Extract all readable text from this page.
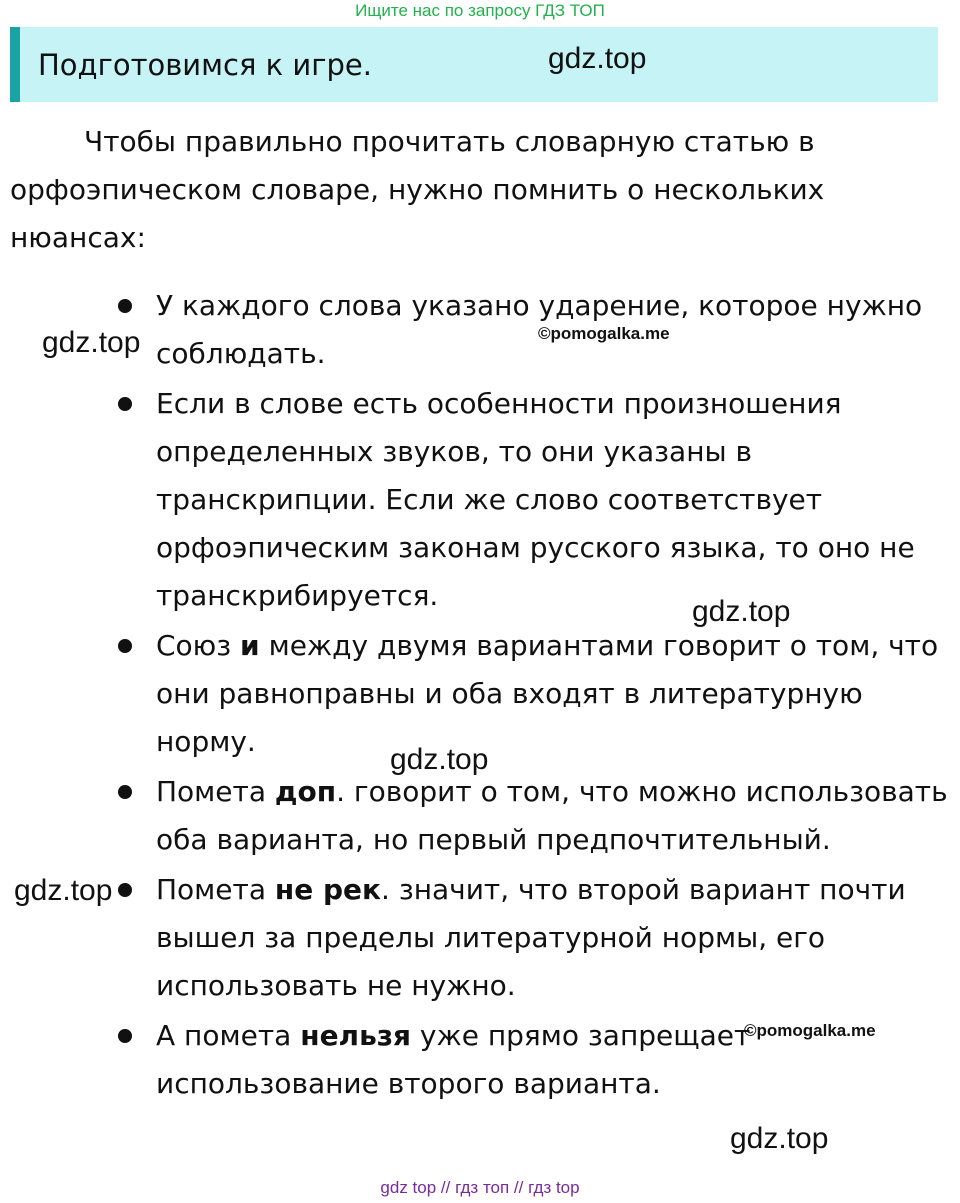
Ищите нас по запросу ГДЗ ТОП
Подготовимся к игре.	gdz.top

Чтобы правильно прочитать словарную статью в орфоэпическом словаре, нужно помнить о нескольких нюансах:

У каждого слова указано ударение, которое нужно соблюдать.
Если в слове есть особенности произношения определенных звуков, то они указаны в транскрипции. Если же слово соответствует орфоэпическим законам русского языка, то оно не транскрибируется.
Союз и между двумя вариантами говорит о том, что они равноправны и оба входят в литературную норму.
Помета доп. говорит о том, что можно использовать оба варианта, но первый предпочтительный.
Помета не рек. значит, что второй вариант почти вышел за пределы литературной нормы, его использовать не нужно.
А помета нельзя уже прямо запрещает использование второго варианта.
gdz.top	©pomogalka.me
gdz.top
gdz.top
gdz.top
©pomogalka.me
gdz.top
gdz top // гдз топ // гдз top
